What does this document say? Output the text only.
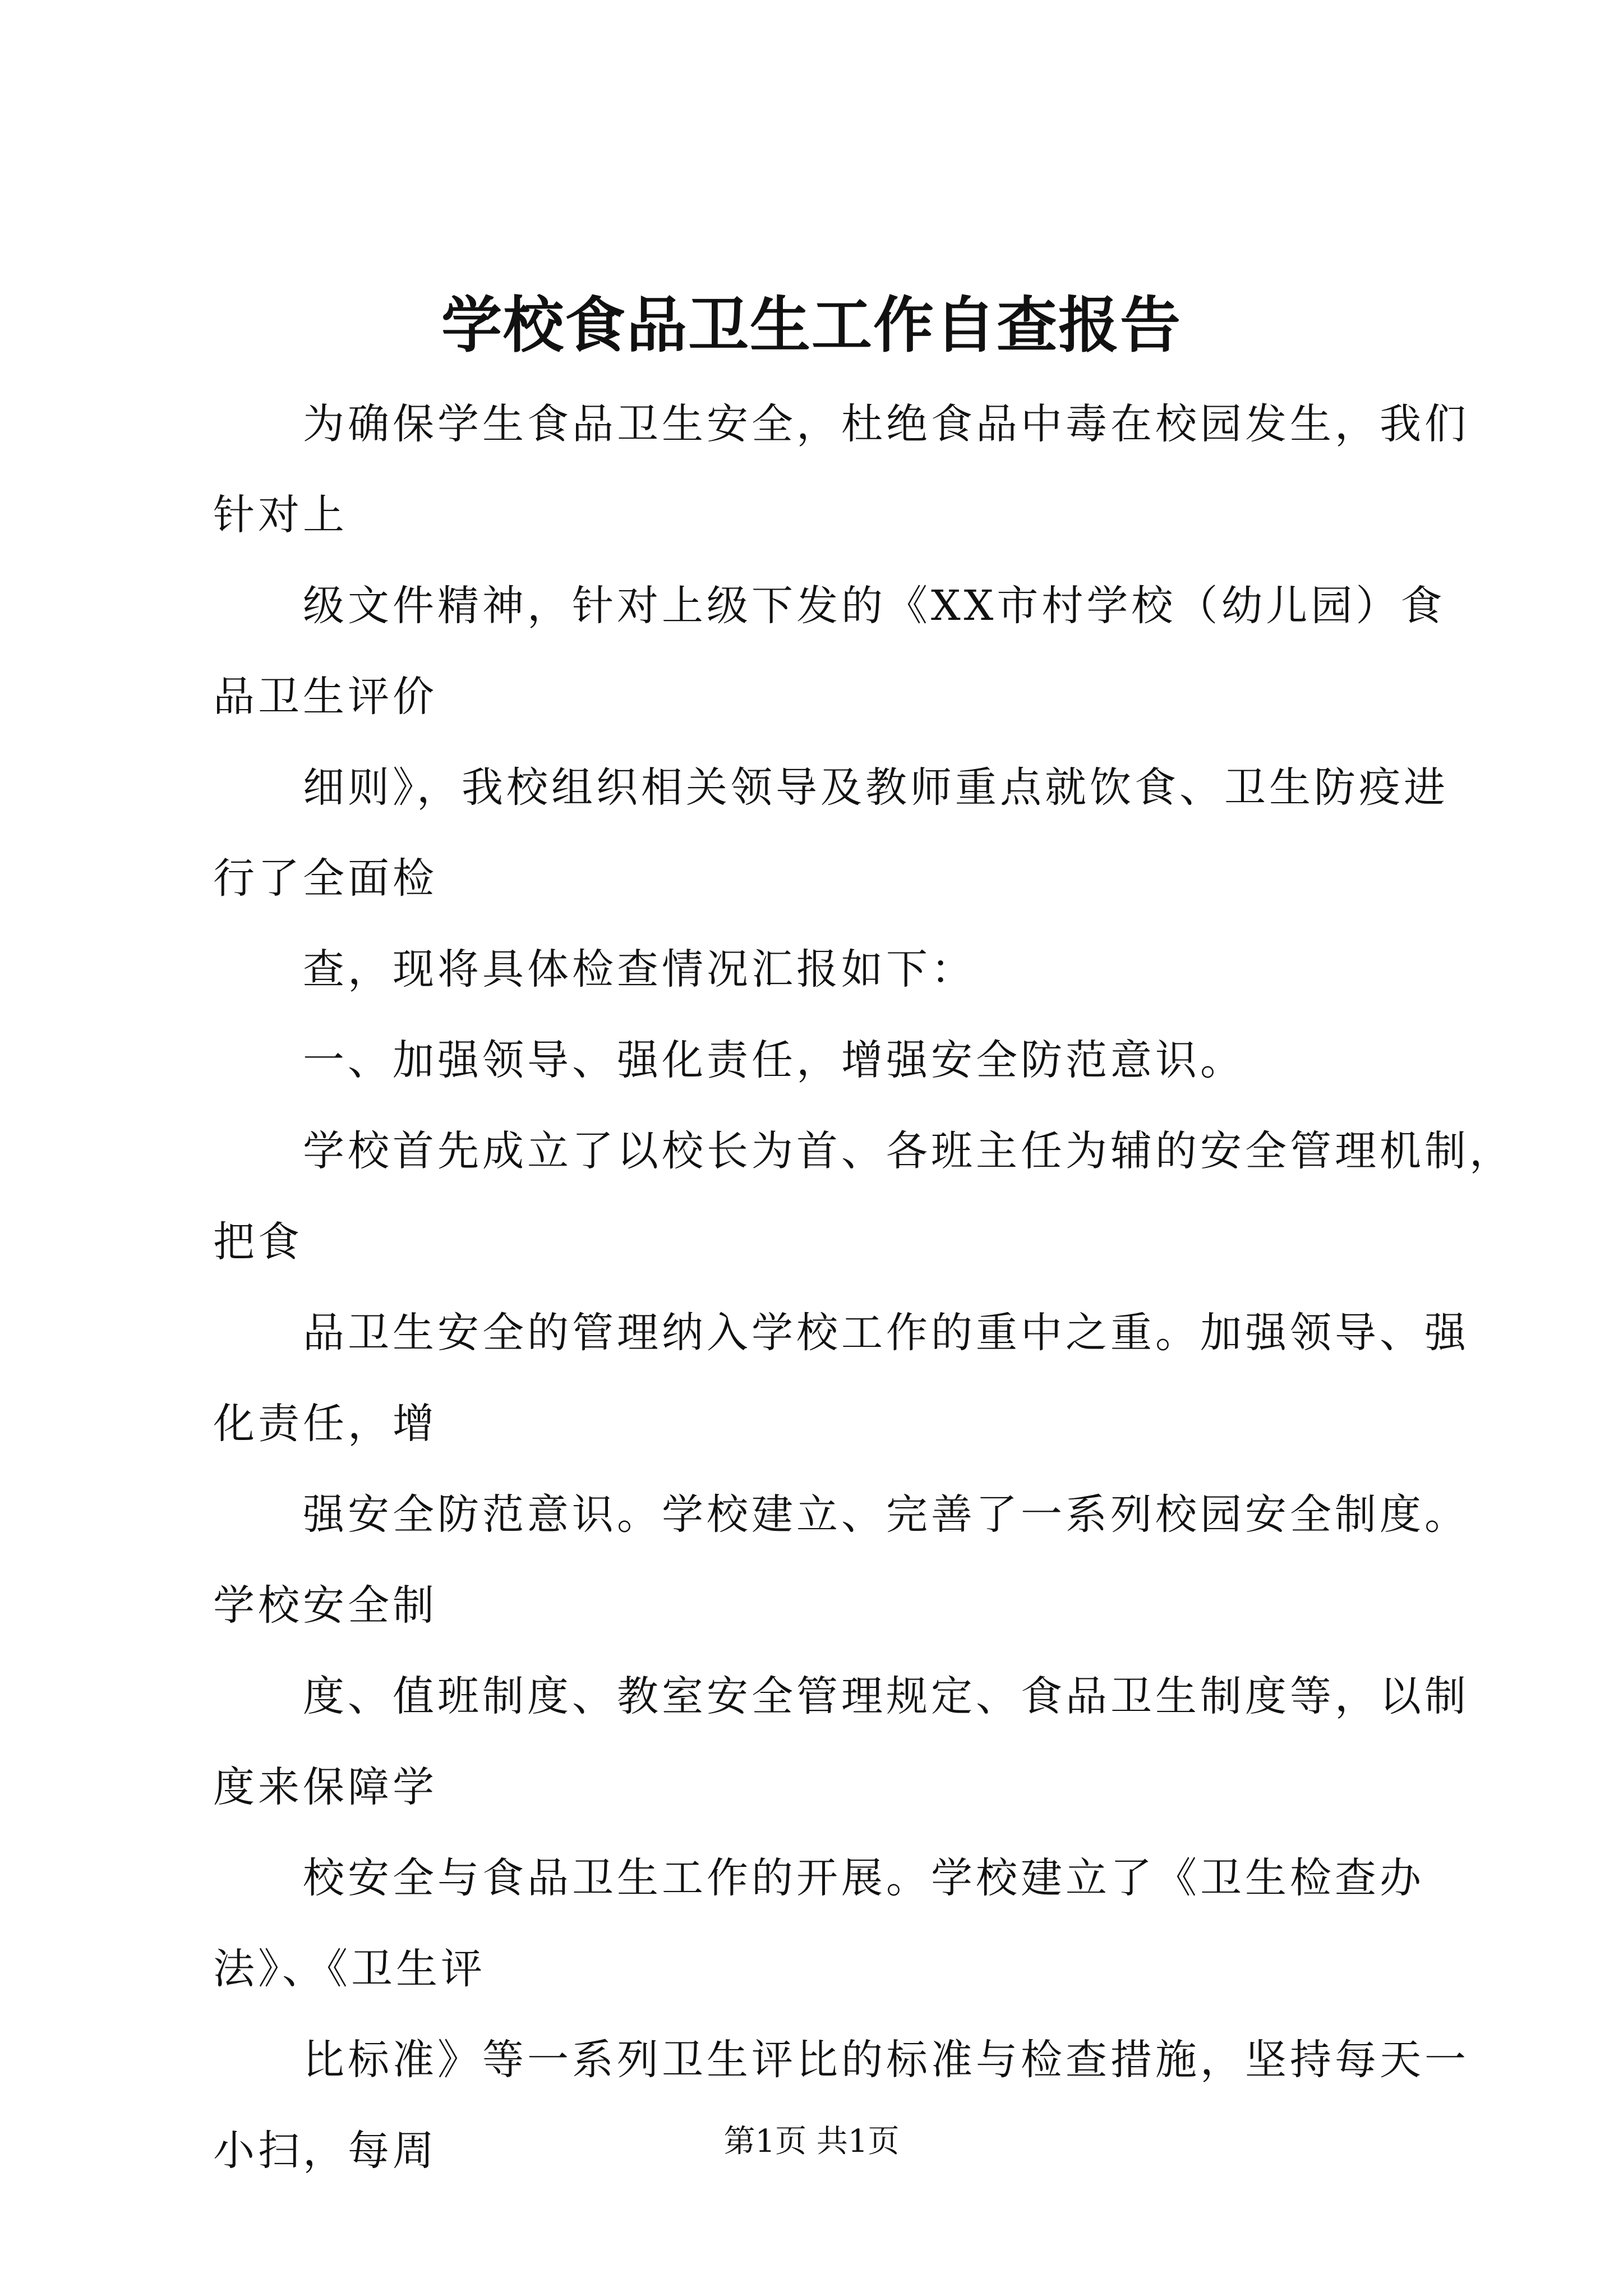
学校食品卫生工作自查报告
为确保学生食品卫生安全，杜绝食品中毒在校园发生，我们
针对上
级文件精神，针对上级下发的《XX市村学校（幼儿园）食
品卫生评价
细则》，我校组织相关领导及教师重点就饮食、卫生防疫进
行了全面检
查，现将具体检查情况汇报如下：
一、加强领导、强化责任，增强安全防范意识。
学校首先成立了以校长为首、各班主任为辅的安全管理机制，
把食
品卫生安全的管理纳入学校工作的重中之重。加强领导、强
化责任，增
强安全防范意识。学校建立、完善了一系列校园安全制度。
学校安全制
度、值班制度、教室安全管理规定、食品卫生制度等，以制
度来保障学
校安全与食品卫生工作的开展。学校建立了《卫生检查办
法》、《卫生评
比标准》等一系列卫生评比的标准与检查措施，坚持每天一
小扫，每周	第1页 共1页
